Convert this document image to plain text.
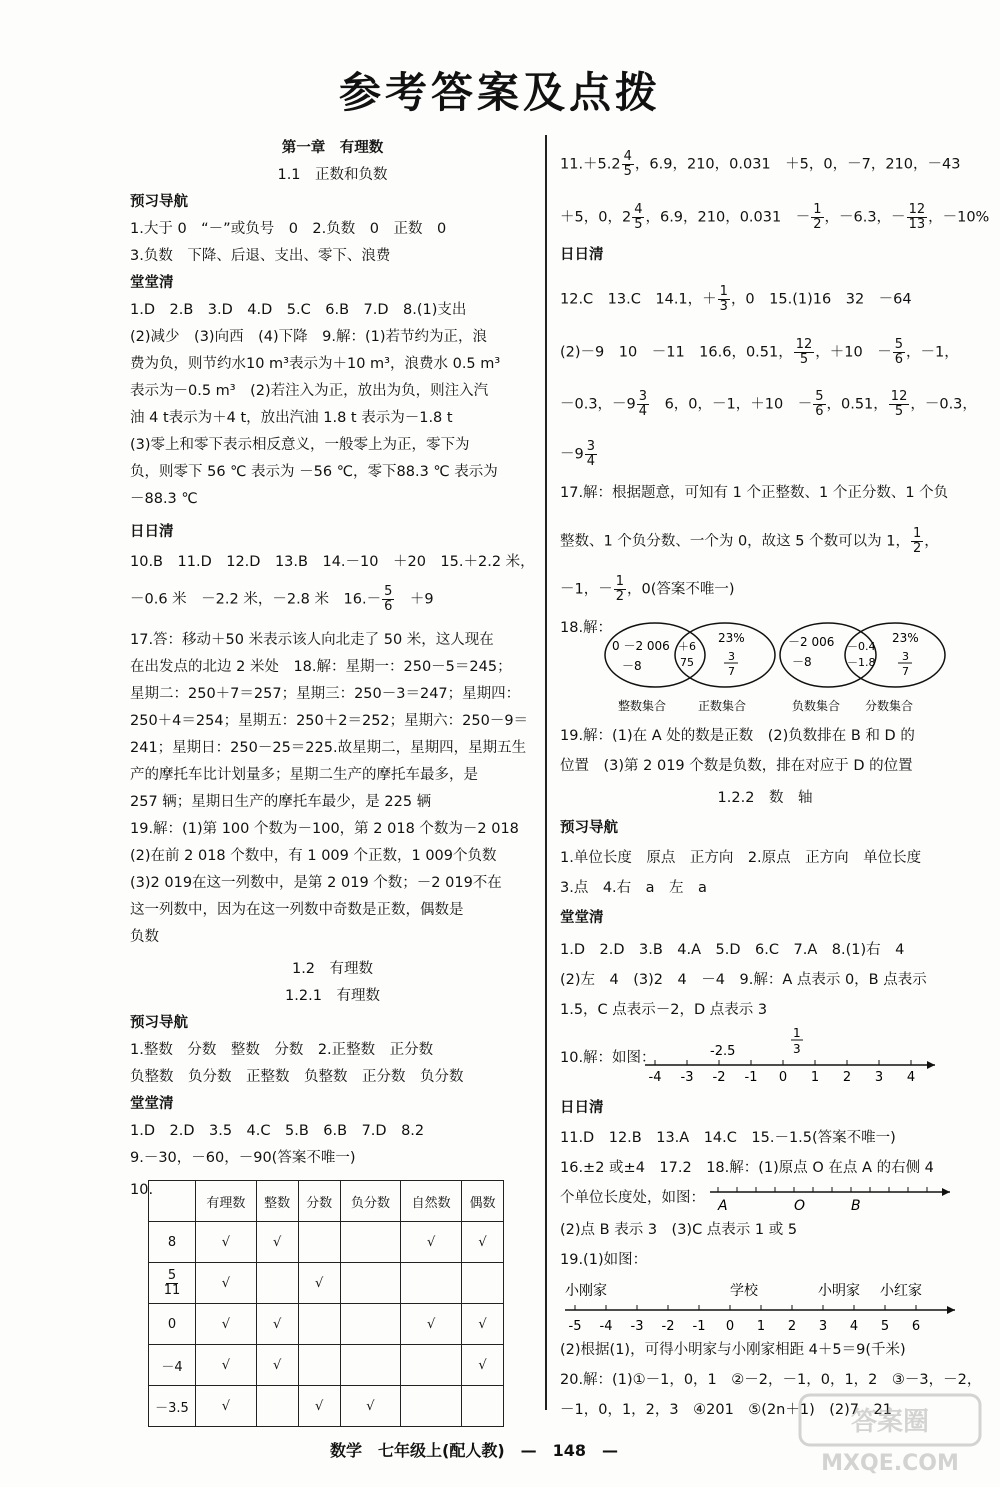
参考答案及点拨
第一章　有理数
1.1　正数和负数
预习导航
1.大于 0　“－”或负号　0　2.负数　0　正数　0
3.负数　下降、后退、支出、零下、浪费
堂堂清
1.D　2.B　3.D　4.D　5.C　6.B　7.D　8.(1)支出
(2)减少　(3)向西　(4)下降　9.解：(1)若节约为正，浪
费为负，则节约水10 m³表示为＋10 m³，浪费水 0.5 m³
表示为－0.5 m³　(2)若注入为正，放出为负，则注入汽
油 4 t表示为＋4 t，放出汽油 1.8 t 表示为－1.8 t
(3)零上和零下表示相反意义，一般零上为正，零下为
负，则零下 56 ℃ 表示为 －56 ℃，零下88.3 ℃ 表示为
－88.3 ℃
日日清
10.B　11.D　12.D　13.B　14.－10　＋20　15.＋2.2 米，
－0.6 米　－2.2 米，－2.8 米　$16.- \frac{5}{6}$ 　＋9
17.答：移动＋50 米表示该人向北走了 50 米，这人现在
在出发点的北边 2 米处　18.解：星期一：250－5＝245；
星期二：250＋7＝257；星期三：250－3＝247；星期四：
250＋4＝254；星期五：250＋2＝252；星期六：250－9＝
241；星期日：250－25＝225.故星期二，星期四，星期五生
产的摩托车比计划量多；星期二生产的摩托车最多，是
257 辆；星期日生产的摩托车最少，是 225 辆
19.解：(1)第 100 个数为－100，第 2 018 个数为－2 018
(2)在前 2 018 个数中，有 1 009 个正数，1 009个负数
(3)2 019在这一列数中，是第 2 019 个数；－2 019不在
这一列数中，因为在这一列数中奇数是正数，偶数是
负数
1.2　有理数
1.2.1　有理数
预习导航
1.整数　分数　整数　分数　2.正整数　正分数
负整数　负分数　正整数　负整数　正分数　负分数
堂堂清
1.D　2.D　3.5　4.C　5.B　6.B　7.D　8.2
9.－30，－60，－90(答案不唯一)
10.
	有理数	整数	分数	负分数	自然数	偶数
8	√	√			√	√

$\frac{5}{11}$	√		√			
0	√	√			√	√
－4	√	√				√
－3.5	√		√	√		
$11.+5.2 \frac{4}{5}$ ，6.9，210，0.031　＋5，0，－7，210，－43
＋5，0，$2 \frac{4}{5}$ ，6.9，210，0.031　－ $\frac{1}{2}$ ，－6.3，－ $\frac{12}{13}$ ，－10%
日日清
12.C　13.C　14.1，＋ $\frac{1}{3}$ ，0　15.(1)16　32　－64
(2)－9　10　－11　16.6，0.51， $\frac{12}{5}$ ，＋10　－ $\frac{5}{6}$ ，－1，
－0.3，$-9 \frac{3}{4}$ 　6，0，－1，＋10　－ $\frac{5}{6}$ ，0.51， $\frac{12}{5}$ ，－0.3，
$-9 \frac{3}{4}$
17.解：根据题意，可知有 1 个正整数、1 个正分数、1 个负
整数、1 个负分数、一个为 0，故这 5 个数可以为 1， $\frac{1}{2}$ ，
－1，－ $\frac{1}{2}$ ，0(答案不唯一)
18.解：
0 －2 006
－8
＋6
75
23%
3
7
整数集合	正数集合
－2 006
－8
－0.4
－1.8
23%
3
7
负数集合 分数集合
19.解：(1)在 A 处的数是正数　(2)负数排在 B 和 D 的
位置　(3)第 2 019 个数是负数，排在对应于 D 的位置
1.2.2　数　轴
预习导航
1.单位长度　原点　正方向　2.原点　正方向　单位长度
3.点　4.右　a　左　a
堂堂清
1.D　2.D　3.B　4.A　5.D　6.C　7.A　8.(1)右　4
(2)左　4　(3)2　4　－4　9.解：A 点表示 0，B 点表示
1.5，C 点表示－2，D 点表示 3
10.解：如图：
-4 -3 -2 -1 0 1 2 3 4
-2.5
1
3
日日清
11.D　12.B　13.A　14.C　15.－1.5(答案不唯一)
16.±2 或±4　17.2　18.解：(1)原点 O 在点 A 的右侧 4
个单位长度处，如图： A	O	B
(2)点 B 表示 3　(3)C 点表示 1 或 5
19.(1)如图：
-5 -4 -3 -2 -1 0 1 2 3 4 5 6
小刚家	学校	小明家 小红家
(2)根据(1)，可得小明家与小刚家相距 4＋5＝9(千米)
20.解：(1)①－1，0，1　②－2，－1，0，1，2　③－3，－2，
－1，0，1，2，3　④201　⑤(2n＋1)　(2)7　21
数学　七年级上(配人教)　—　148　—
答案圈
MXQE.COM
